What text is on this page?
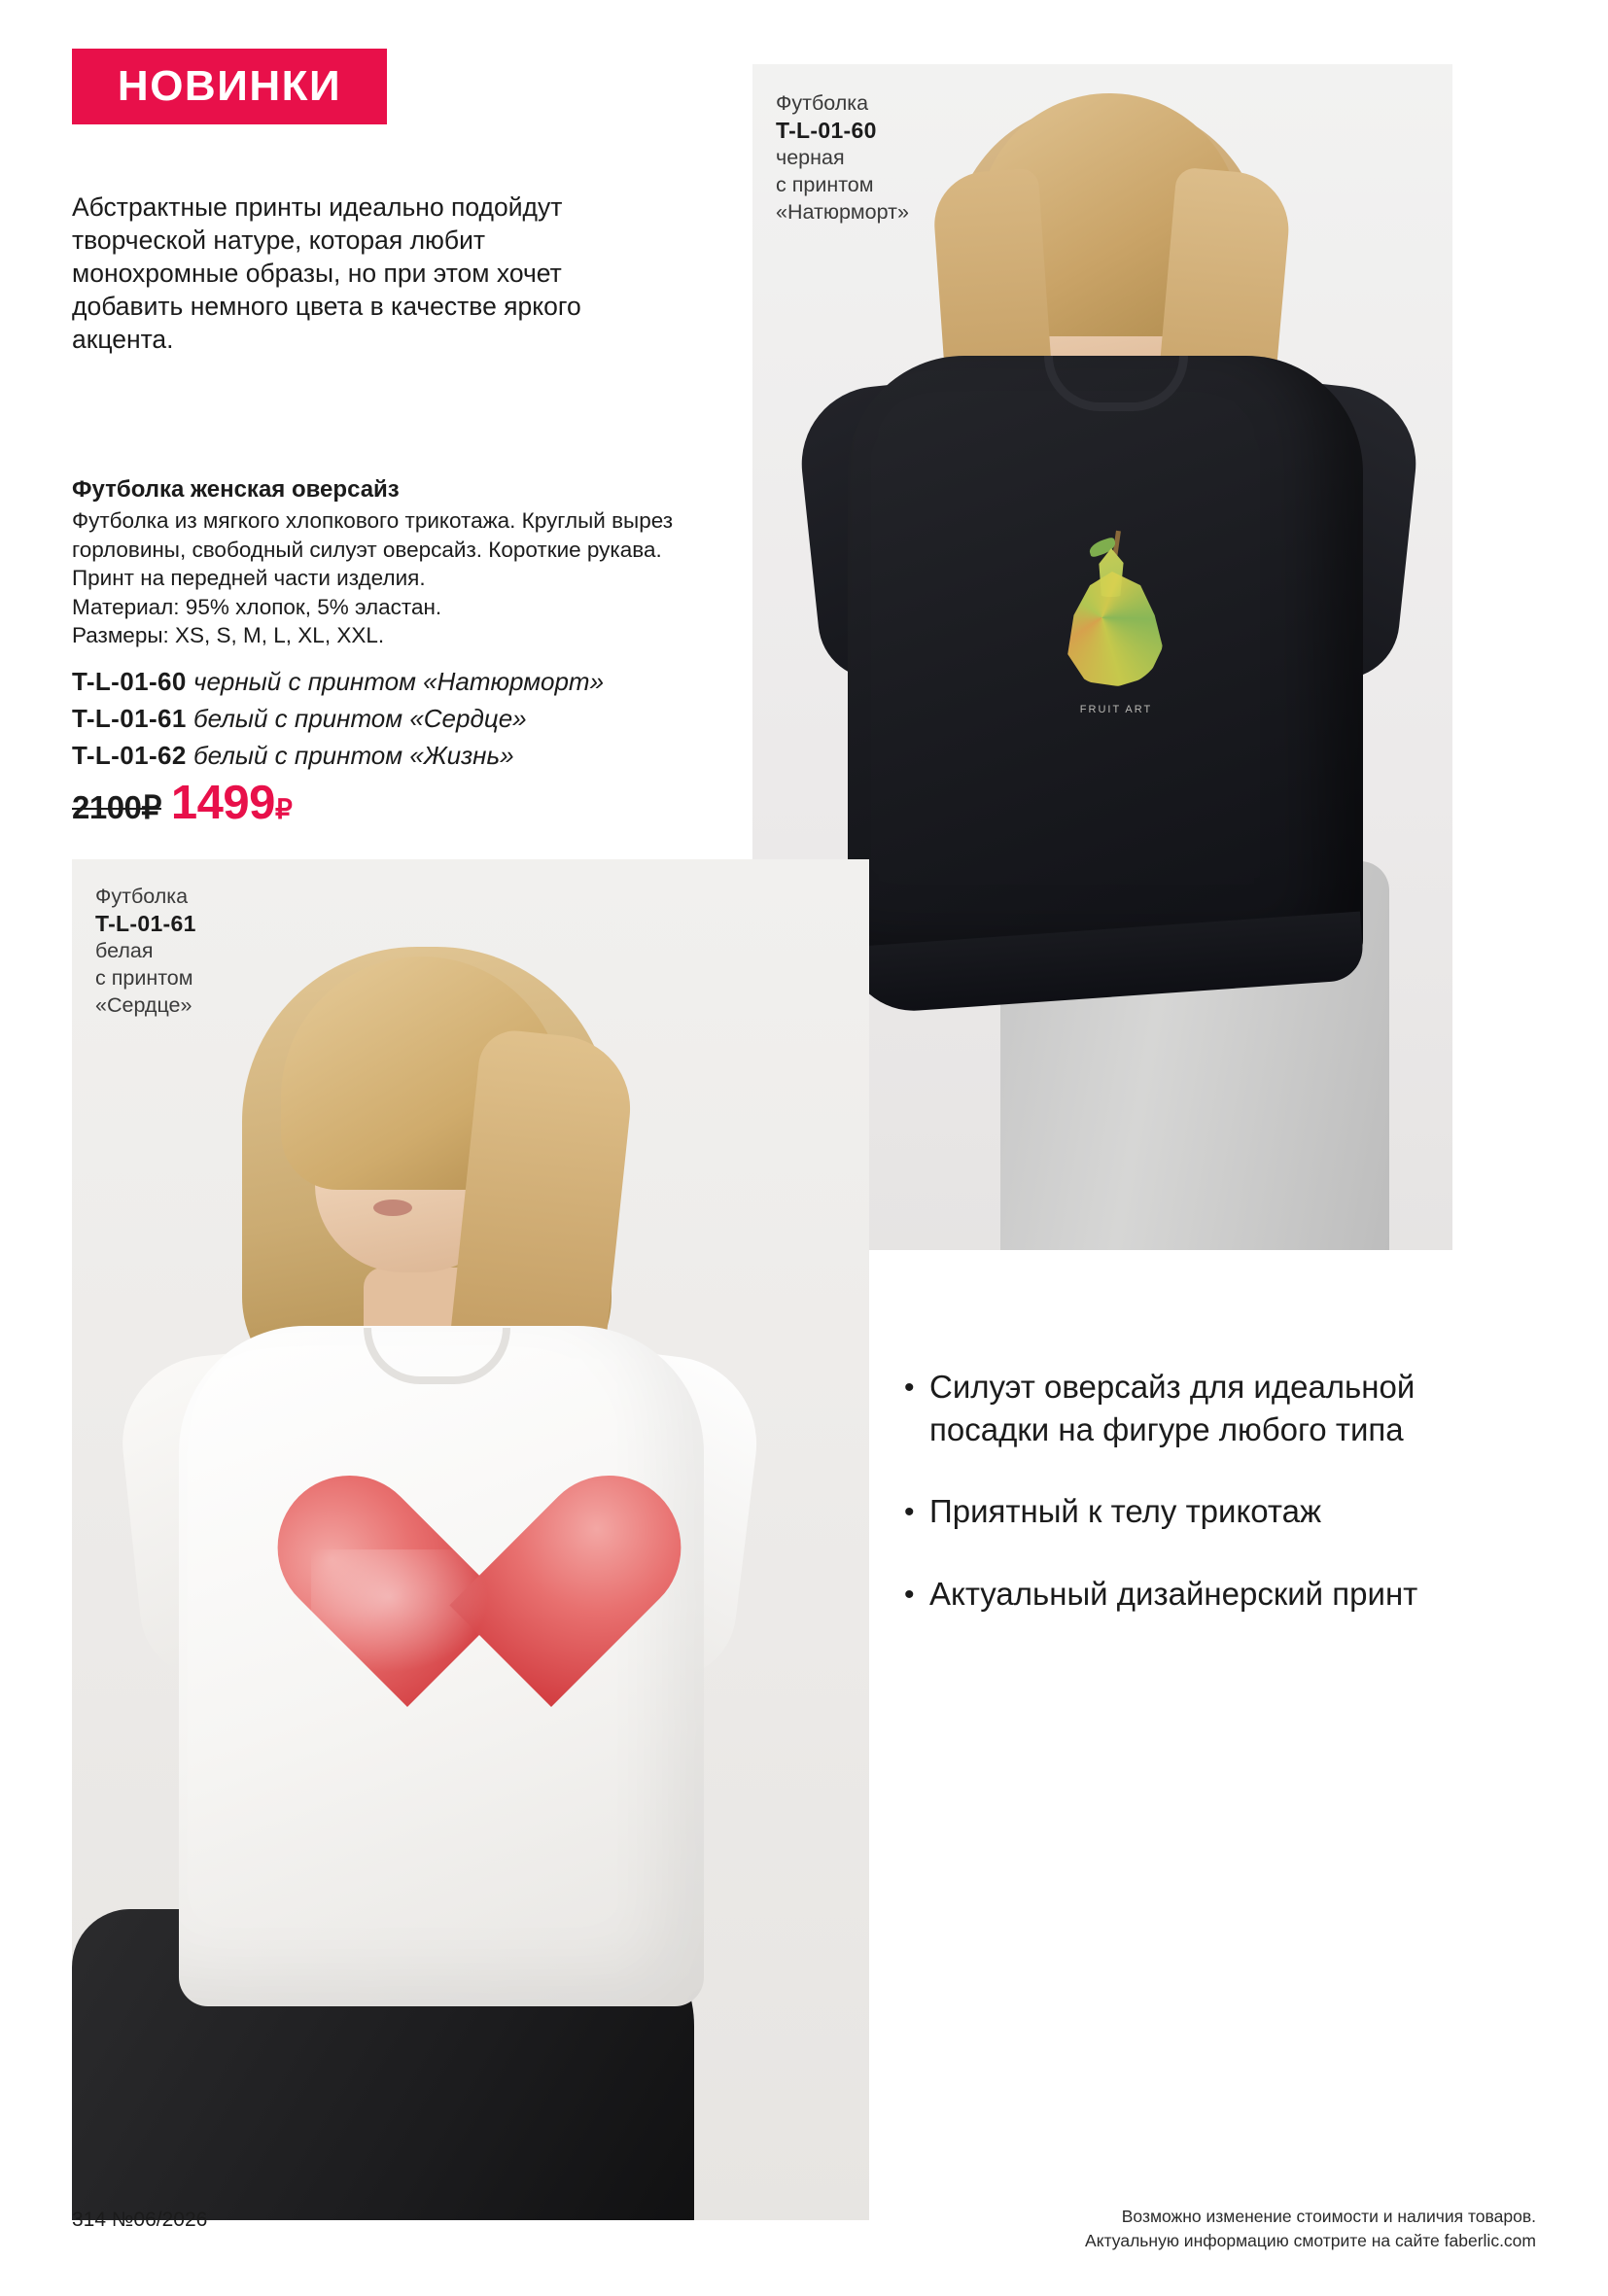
НОВИНКИ
Абстрактные принты идеально подойдут творческой натуре, которая любит монохромные образы, но при этом хочет добавить немного цвета в качестве яркого акцента.
Футболка женская оверсайз

Футболка из мягкого хлопкового трикотажа. Круглый вырез горловины, свободный силуэт оверсайз. Короткие рукава. Принт на передней части изделия.

Материал: 95% хлопок, 5% эластан.

Размеры: XS, S, M, L, XL, XXL.

T-L-01-60 черный с принтом «Натюрморт»
T-L-01-61 белый с принтом «Сердце»
T-L-01-62 белый с принтом «Жизнь»
2100₽ 1499₽
FRUIT ART
Футболка
T-L-01-60
черная
с принтом
«Натюрморт»
Футболка
T-L-01-61
белая
с принтом
«Сердце»
• Силуэт оверсайз для идеальной посадки на фигуре любого типа
• Приятный к телу трикотаж
• Актуальный дизайнерский принт
314 №06/2026	Возможно изменение стоимости и наличия товаров.
Актуальную информацию смотрите на сайте faberlic.com
